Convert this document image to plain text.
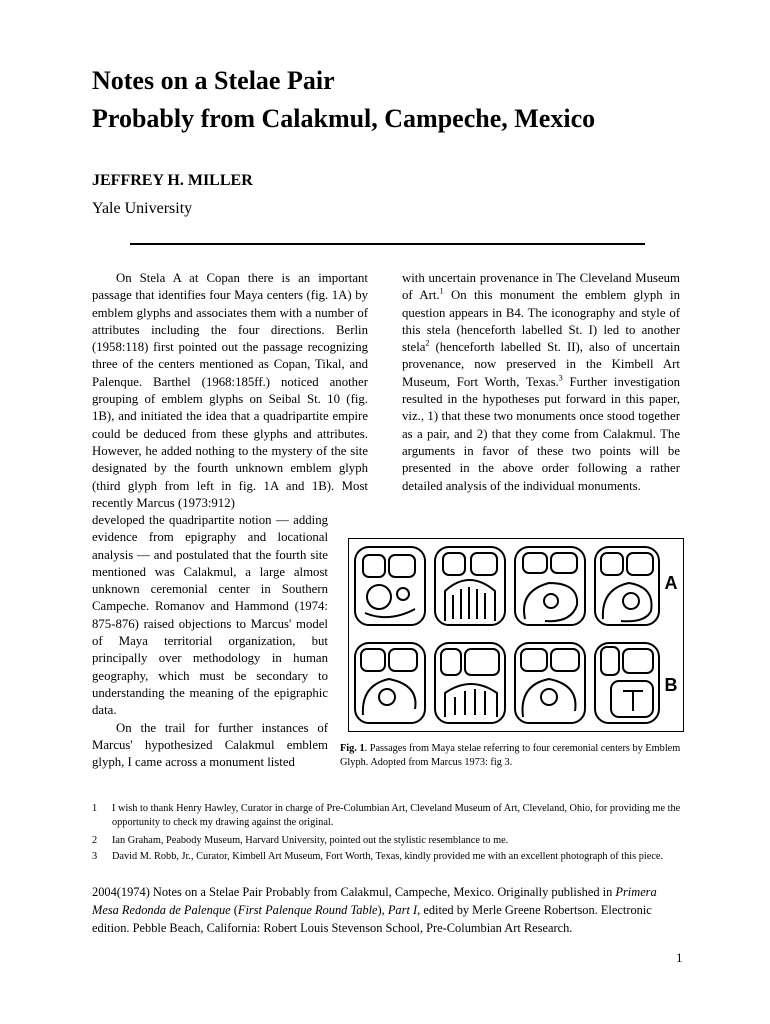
Notes on a Stelae Pair
Probably from Calakmul, Campeche, Mexico

JEFFREY H. MILLER

Yale University

On Stela A at Copan there is an important passage that identifies four Maya centers (fig. 1A) by emblem glyphs and associates them with a number of attributes including the four directions. Berlin (1958:118) first pointed out the passage recognizing three of the centers mentioned as Copan, Tikal, and Palenque. Barthel (1968:185ff.) noticed another grouping of emblem glyphs on Seibal St. 10 (fig. 1B), and initiated the idea that a quadripartite empire could be deduced from these glyphs and attributes. However, he added nothing to the mystery of the site designated by the fourth unknown emblem glyph (third glyph from left in fig. 1A and 1B). Most recently Marcus (1973:912)

developed the quadripartite notion — adding evidence from epigraphy and locational analysis — and postulated that the fourth site mentioned was Calakmul, a large almost unknown ceremonial center in Southern Campeche. Romanov and Hammond (1974: 875-876) raised objections to Marcus' model of Maya territorial organization, but principally over methodology in human geography, which must be secondary to understanding the meaning of the epigraphic data.

On the trail for further instances of Marcus' hypothesized Calakmul emblem glyph, I came across a monument listed

with uncertain provenance in The Cleveland Museum of Art.$^1$ On this monument the emblem glyph in question appears in B4. The iconography and style of this stela (henceforth labelled St. I) led to another stela$^2$ (henceforth labelled St. II), also of uncertain provenance, now preserved in the Kimbell Art Museum, Fort Worth, Texas.$^3$ Further investigation resulted in the hypotheses put forward in this paper, viz., 1) that these two monuments once stood together as a pair, and 2) that they come from Calakmul. The arguments in favor of these two points will be presented in the above order following a rather detailed analysis of the individual monuments.

A
B
Fig. 1. Passages from Maya stelae referring to four ceremonial centers by Emblem Glyph. Adopted from Marcus 1973: fig 3.
1 I wish to thank Henry Hawley, Curator in charge of Pre-Columbian Art, Cleveland Museum of Art, Cleveland, Ohio, for providing me the opportunity to check my drawing against the original.
2 Ian Graham, Peabody Museum, Harvard University, pointed out the stylistic resemblance to me.
3 David M. Robb, Jr., Curator, Kimbell Art Museum, Fort Worth, Texas, kindly provided me with an excellent photograph of this piece.
2004(1974) Notes on a Stelae Pair Probably from Calakmul, Campeche, Mexico. Originally published in Primera Mesa Redonda de Palenque (First Palenque Round Table), Part I, edited by Merle Greene Robertson. Electronic edition. Pebble Beach, California: Robert Louis Stevenson School, Pre-Columbian Art Research.
1
